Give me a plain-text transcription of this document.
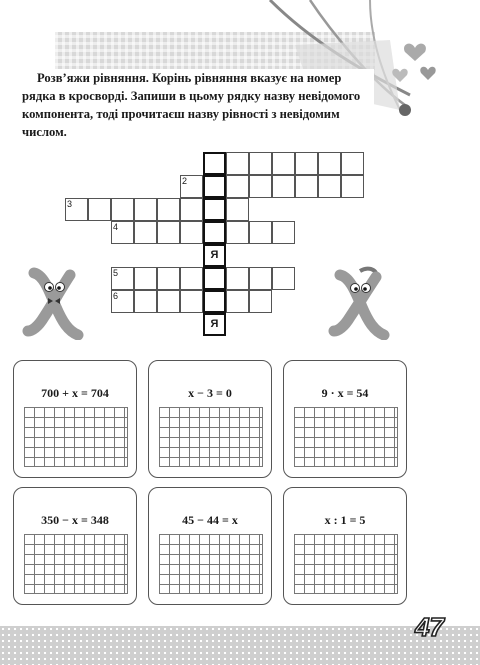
Розв’яжи рівняння. Корінь рівняння вказує на номер рядка в кросворді. Запиши в цьому рядку назву невідомого компонента, тоді прочитаєш назву рівності з невідомим числом.

2
3
4
5
6
Я
Я
700 + x = 704	x − 3 = 0	9 · x = 54
350 − x = 348	45 − 44 = x	x : 1 = 5
47
